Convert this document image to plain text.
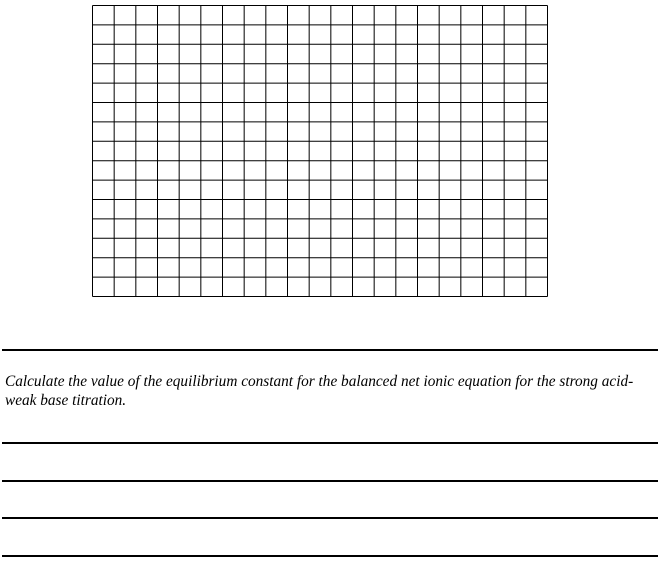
Calculate the value of the equilibrium constant for the balanced net ionic equation for the strong acid-weak base titration.
